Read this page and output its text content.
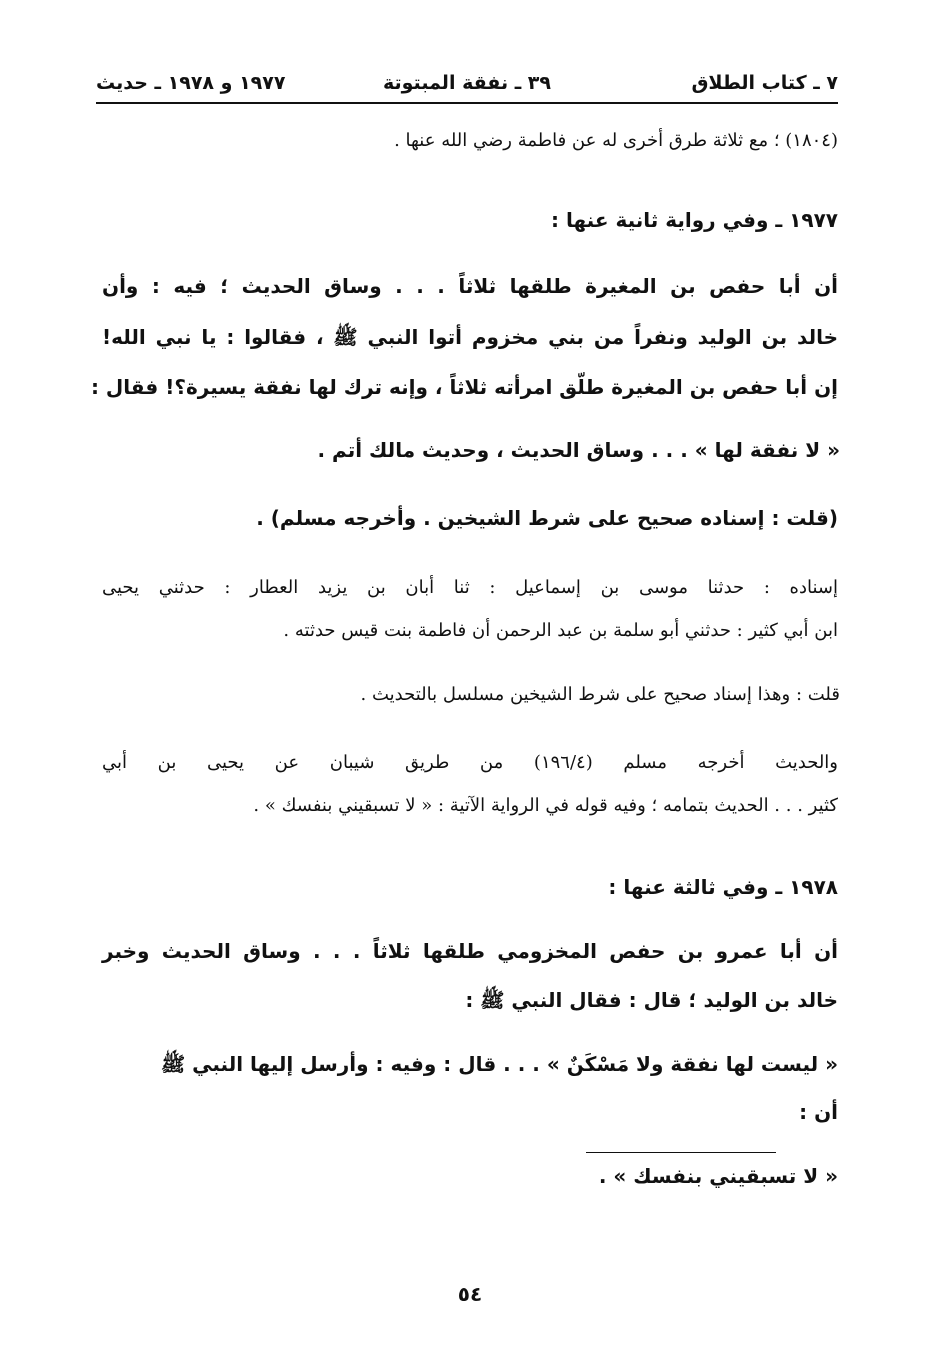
٧ ـ كتاب الطلاق
٣٩ ـ نفقة المبتوتة
١٩٧٧ و ١٩٧٨ ـ حديث
(١٨٠٤) ؛ مع ثلاثة طرق أخرى له عن فاطمة رضي الله عنها .
١٩٧٧ ـ وفي رواية ثانية عنها :
أن أبا حفص بن المغيرة طلقها ثلاثاً . . . وساق الحديث ؛ فيه : وأن
خالد بن الوليد ونفراً من بني مخزوم أتوا النبي ﷺ ، فقالوا : يا نبي الله!
إن أبا حفص بن المغيرة طلّق امرأته ثلاثاً ، وإنه ترك لها نفقة يسيرة؟! فقال :
« لا نفقة لها » . . . وساق الحديث ، وحديث مالك أتم .
(قلت : إسناده صحيح على شرط الشيخين . وأخرجه مسلم) .
إسناده : حدثنا موسى بن إسماعيل : ثنا أبان بن يزيد العطار : حدثني يحيى
ابن أبي كثير : حدثني أبو سلمة بن عبد الرحمن أن فاطمة بنت قيس حدثته .
قلت : وهذا إسناد صحيح على شرط الشيخين مسلسل بالتحديث .
والحديث أخرجه مسلم (١٩٦/٤) من طريق شيبان عن يحيى بن أبي
كثير . . . الحديث بتمامه ؛ وفيه قوله في الرواية الآتية : « لا تسبقيني بنفسك » .
١٩٧٨ ـ وفي ثالثة عنها :
أن أبا عمرو بن حفص المخزومي طلقها ثلاثاً . . . وساق الحديث وخبر
خالد بن الوليد ؛ قال : فقال النبي ﷺ :
« ليست لها نفقة ولا مَسْكَنٌ » . . . قال : وفيه : وأرسل إليها النبي ﷺ
أن :
« لا تسبقيني بنفسك » .
٥٤
